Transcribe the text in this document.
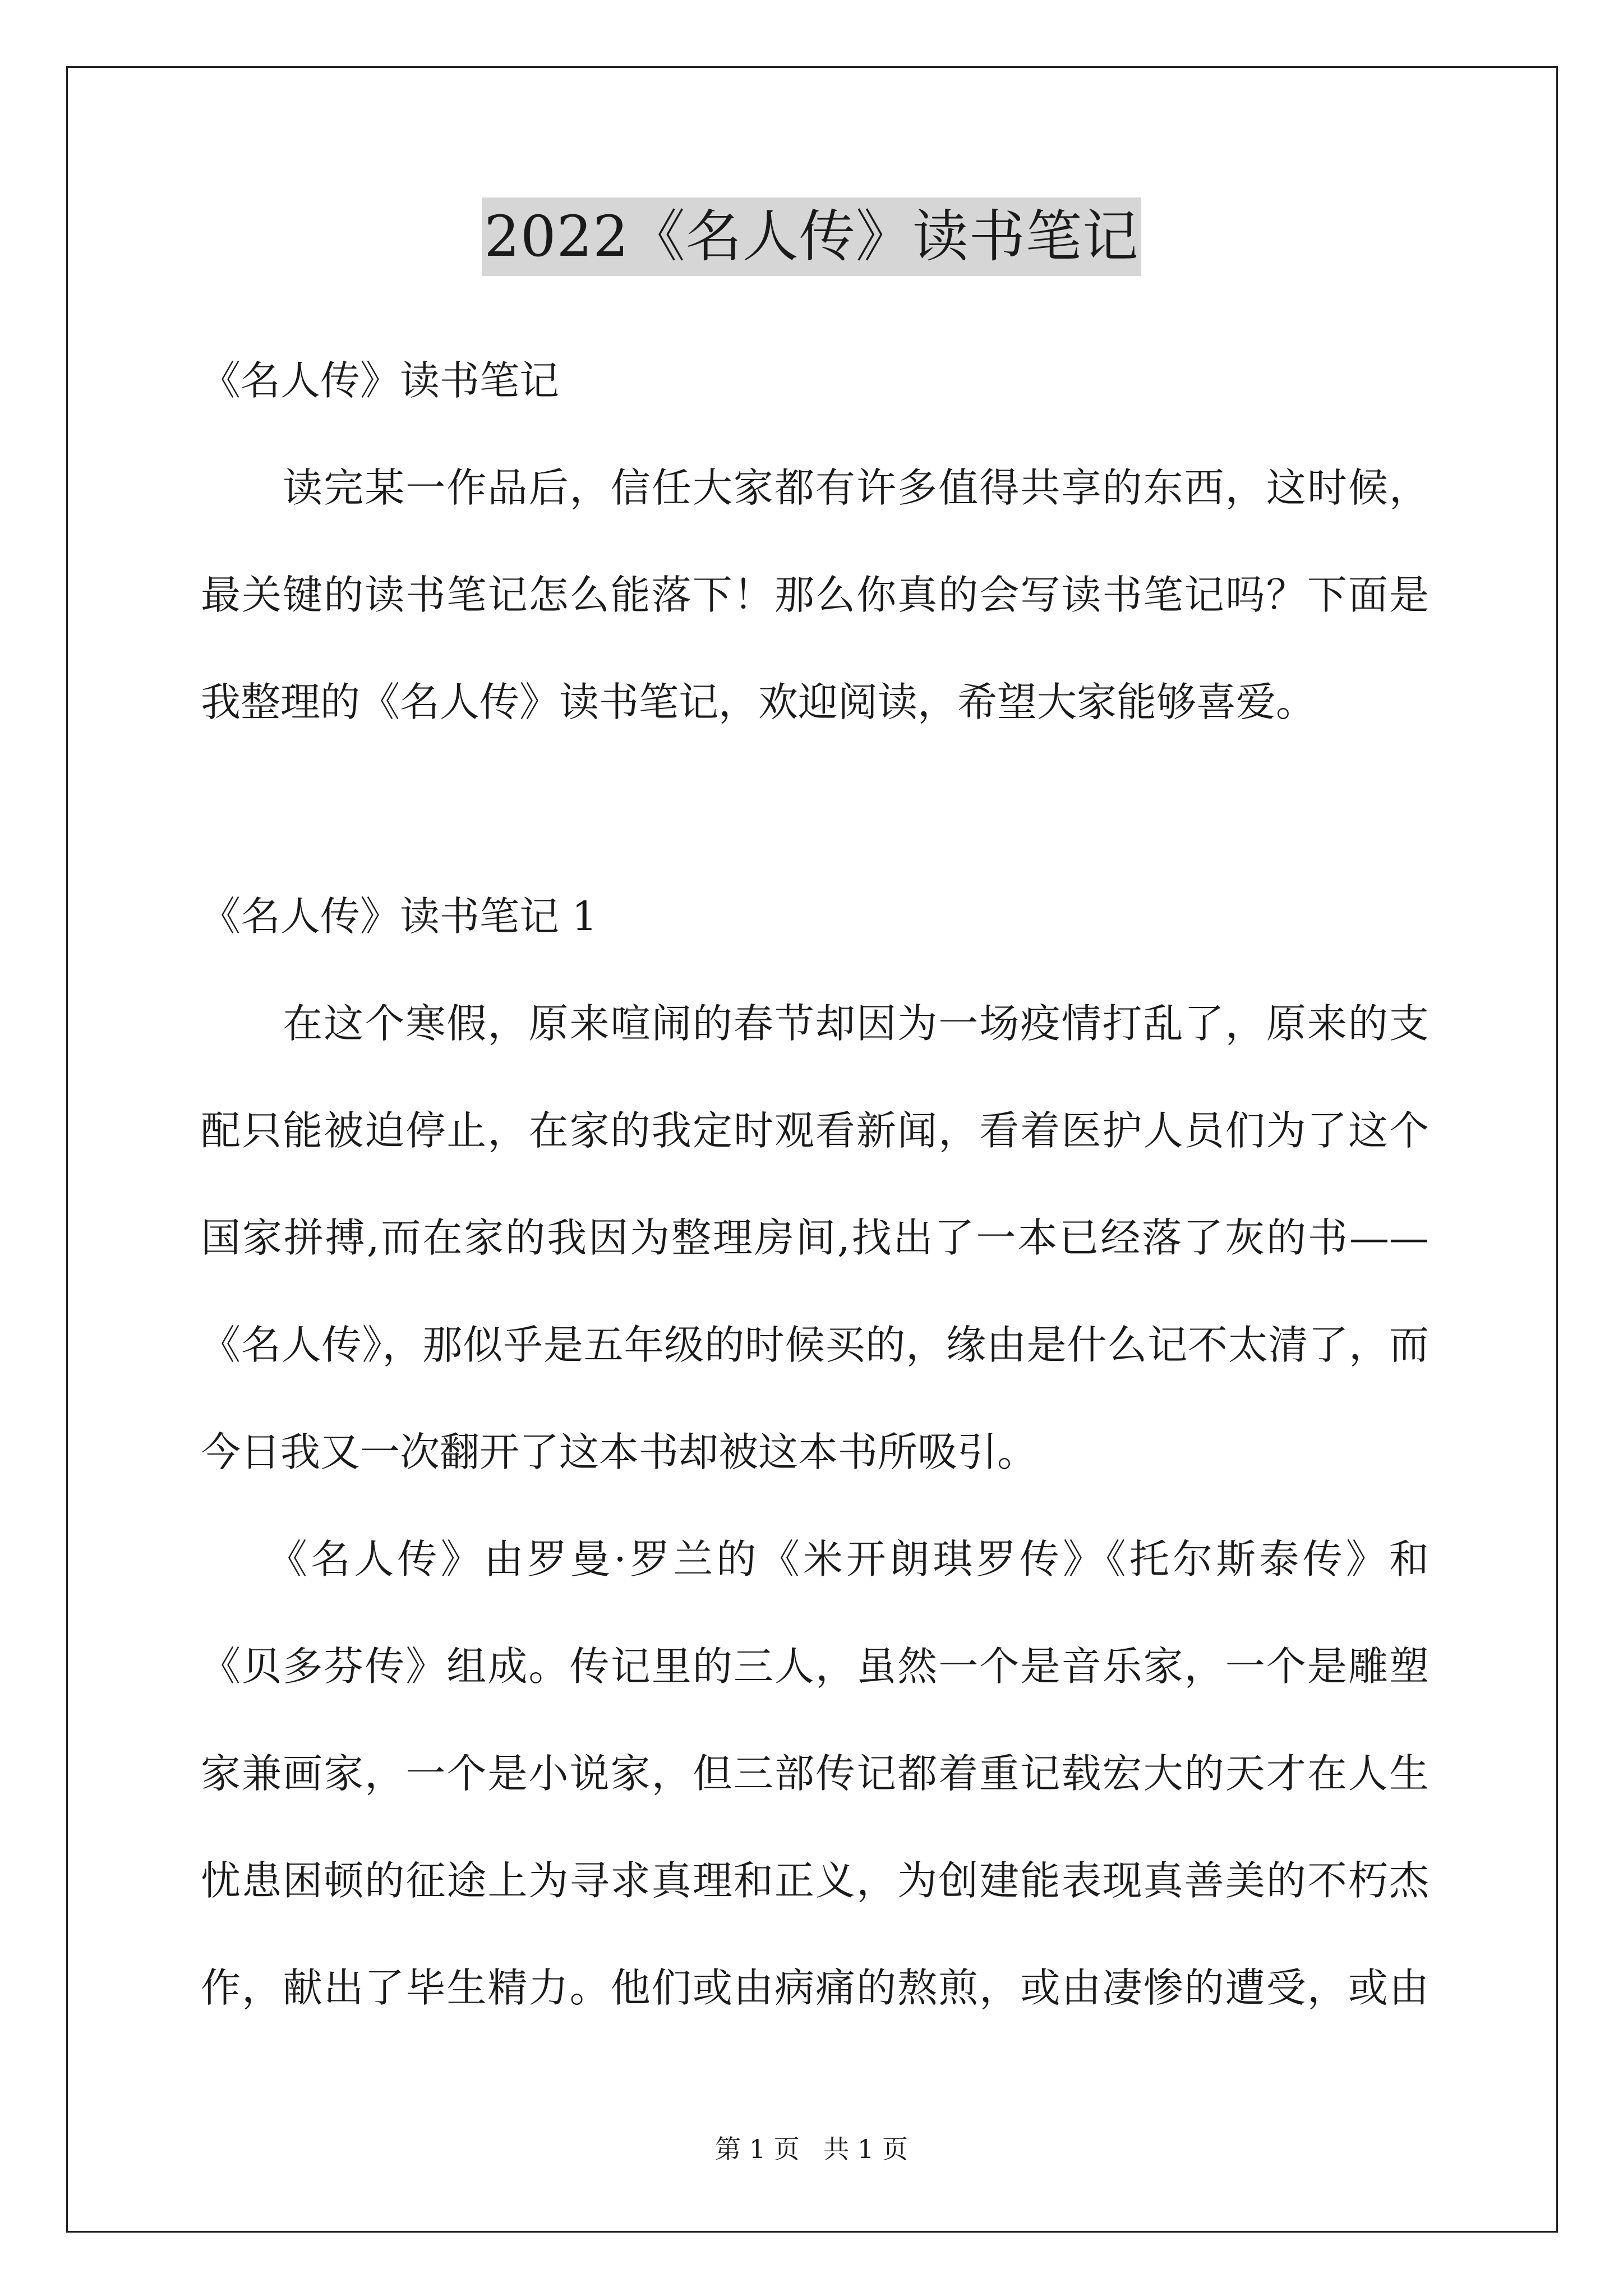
2022《名人传》读书笔记
《名人传》读书笔记
　　读完某一作品后，信任大家都有许多值得共享的东西，这时候，
最关键的读书笔记怎么能落下！那么你真的会写读书笔记吗？下面是
我整理的《名人传》读书笔记，欢迎阅读，希望大家能够喜爱。
《名人传》读书笔记 1
　　在这个寒假，原来喧闹的春节却因为一场疫情打乱了，原来的支
配只能被迫停止，在家的我定时观看新闻，看着医护人员们为了这个
国家拼搏,而在家的我因为整理房间,找出了一本已经落了灰的书——
《名人传》，那似乎是五年级的时候买的，缘由是什么记不太清了，而
今日我又一次翻开了这本书却被这本书所吸引。
　　《名人传》由罗曼·罗兰的《米开朗琪罗传》《托尔斯泰传》和
《贝多芬传》组成。传记里的三人，虽然一个是音乐家，一个是雕塑
家兼画家，一个是小说家，但三部传记都着重记载宏大的天才在人生
忧患困顿的征途上为寻求真理和正义，为创建能表现真善美的不朽杰
作，献出了毕生精力。他们或由病痛的熬煎，或由凄惨的遭受，或由
第 1 页 共 1 页
